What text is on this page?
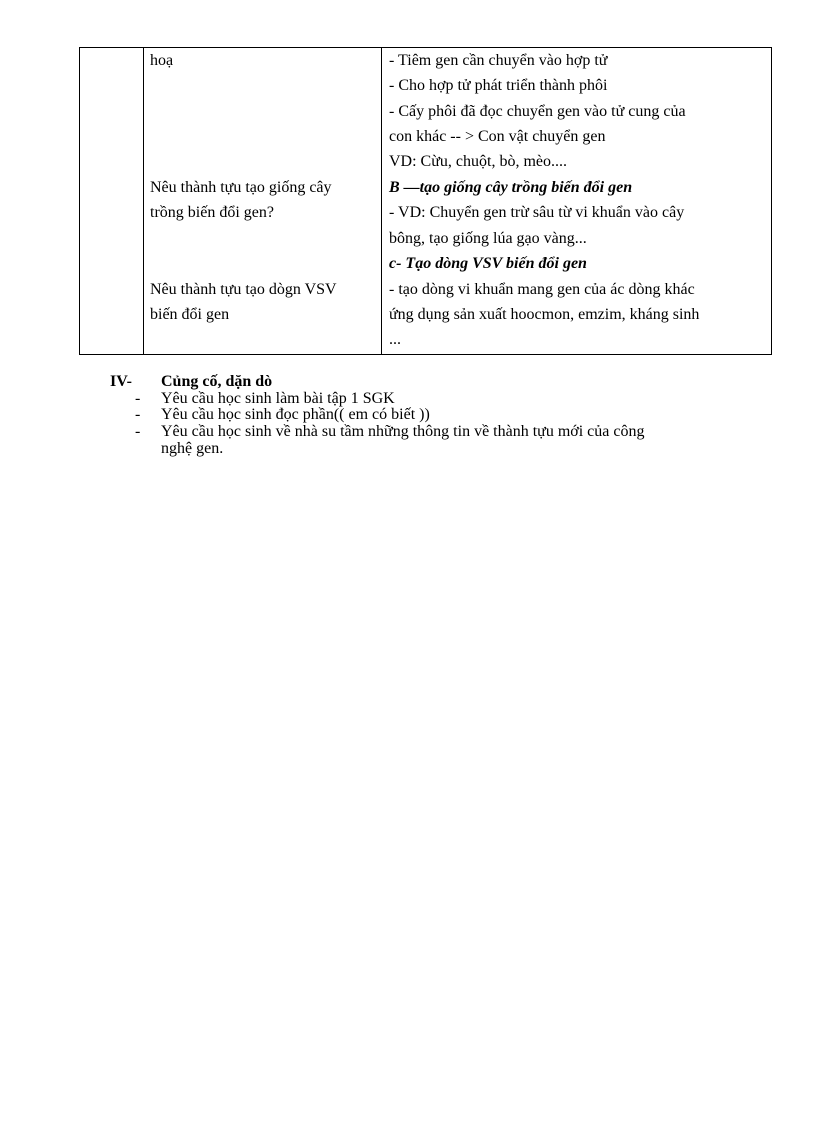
hoạ
Nêu thành tựu tạo giống cây
trồng biến đổi gen?
Nêu thành tựu tạo dògn VSV
biến đổi gen
- Tiêm gen cần chuyển vào hợp tử
- Cho hợp tử phát triển thành phôi
- Cấy phôi đã đọc chuyển gen vào tử cung của
con khác -- > Con vật chuyển gen
VD: Cừu, chuột, bò, mèo....
B —tạo giống cây trồng biến đổi gen
- VD: Chuyển gen trừ sâu từ vi khuẩn vào cây
bông, tạo giống lúa gạo vàng...
c- Tạo dòng VSV biến đổi gen
- tạo dòng vi khuẩn mang gen của ác dòng khác
ứng dụng sản xuất hoocmon, emzim, kháng sinh
...
IV- Củng cố, dặn dò
- Yêu cầu học sinh làm bài tập 1 SGK
- Yêu cầu học sinh đọc phần(( em có biết ))
- Yêu cầu học sinh về nhà su tầm những thông tin về thành tựu mới của công
nghệ gen.
